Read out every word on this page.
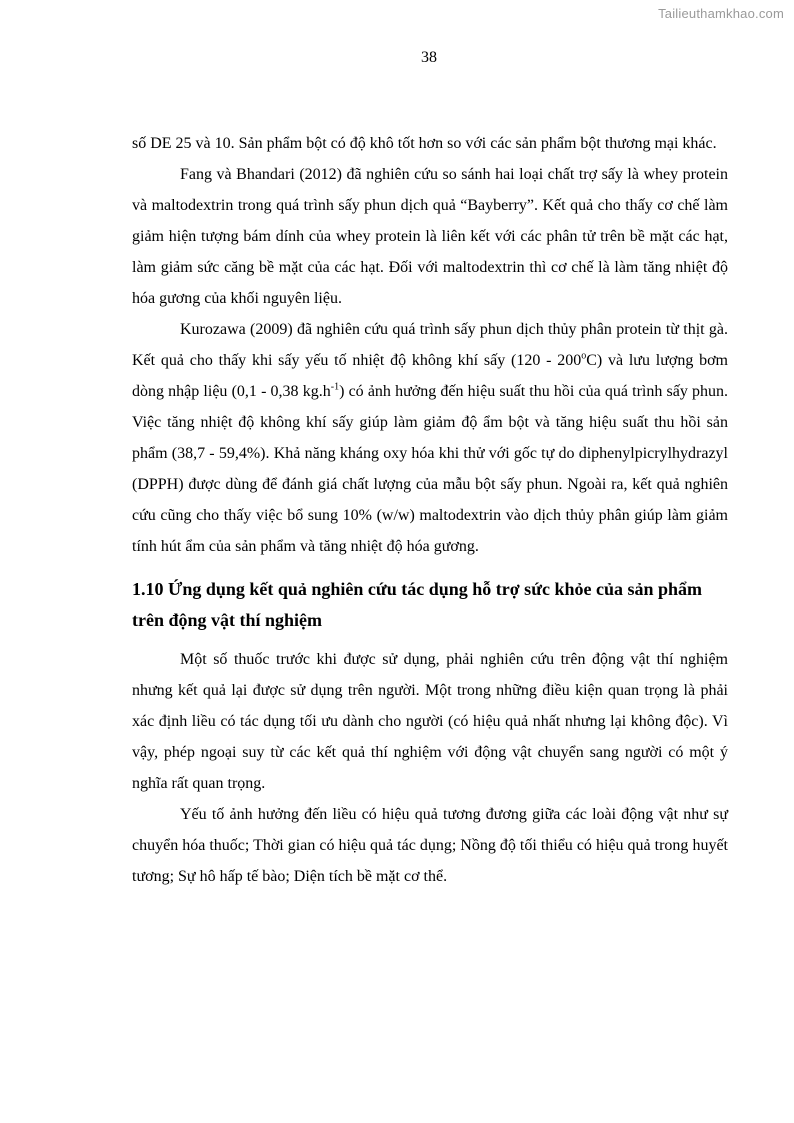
Tailieuthamkhao.com
38

số DE 25 và 10. Sản phẩm bột có độ khô tốt hơn so với các sản phẩm bột thương mại khác.

Fang và Bhandari (2012) đã nghiên cứu so sánh hai loại chất trợ sấy là whey protein và maltodextrin trong quá trình sấy phun dịch quả “Bayberry”. Kết quả cho thấy cơ chế làm giảm hiện tượng bám dính của whey protein là liên kết với các phân tử trên bề mặt các hạt, làm giảm sức căng bề mặt của các hạt. Đối với maltodextrin thì cơ chế là làm tăng nhiệt độ hóa gương của khối nguyên liệu.

Kurozawa (2009) đã nghiên cứu quá trình sấy phun dịch thủy phân protein từ thịt gà. Kết quả cho thấy khi sấy yếu tố nhiệt độ không khí sấy (120 - 200$^o$C) và lưu lượng bơm dòng nhập liệu (0,1 - 0,38 $kg.h^{-1}$) có ảnh hưởng đến hiệu suất thu hồi của quá trình sấy phun. Việc tăng nhiệt độ không khí sấy giúp làm giảm độ ẩm bột và tăng hiệu suất thu hồi sản phẩm (38,7 - 59,4%). Khả năng kháng oxy hóa khi thử với gốc tự do diphenylpicrylhydrazyl (DPPH) được dùng để đánh giá chất lượng của mẫu bột sấy phun. Ngoài ra, kết quả nghiên cứu cũng cho thấy việc bổ sung 10% (w/w) maltodextrin vào dịch thủy phân giúp làm giảm tính hút ẩm của sản phẩm và tăng nhiệt độ hóa gương.

1.10 Ứng dụng kết quả nghiên cứu tác dụng hỗ trợ sức khỏe của sản phẩm trên động vật thí nghiệm

Một số thuốc trước khi được sử dụng, phải nghiên cứu trên động vật thí nghiệm nhưng kết quả lại được sử dụng trên người. Một trong những điều kiện quan trọng là phải xác định liều có tác dụng tối ưu dành cho người (có hiệu quả nhất nhưng lại không độc). Vì vậy, phép ngoại suy từ các kết quả thí nghiệm với động vật chuyển sang người có một ý nghĩa rất quan trọng.

Yếu tố ảnh hưởng đến liều có hiệu quả tương đương giữa các loài động vật như sự chuyển hóa thuốc; Thời gian có hiệu quả tác dụng; Nồng độ tối thiểu có hiệu quả trong huyết tương; Sự hô hấp tế bào; Diện tích bề mặt cơ thể.
